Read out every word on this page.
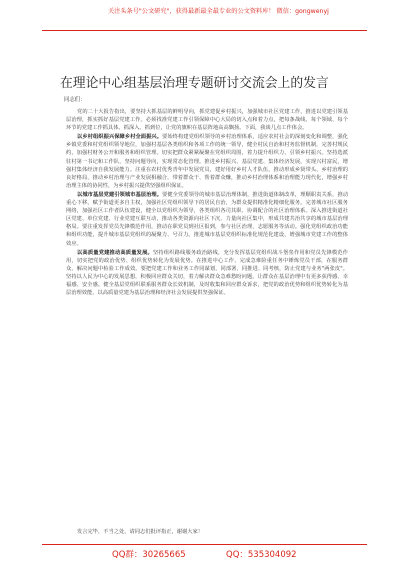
关注头条号"公文研究"，获得最新最全最专业的公文资料库！ 微信：gongwenyj
在理论中心组基层治理专题研讨交流会上的发言
同志们：

党的二十大报告指出，要坚持大抓基层的鲜明导向，抓党建促乡村振兴，加强城市社区党建工作，推进以党建引领基层治理，抓实抓好基层党建工作。必须找准党建工作引领保障中心大局的切入点和着力点，把每条战线、每个领域、每个环节的党建工作抓具体、抓深入、抓到位，让党的旗帜在基层阵地高高飘扬。下面，我谈几点工作体会。

以乡村组织振兴保障乡村全面振兴。要始终构建党组织领导的乡村治理体系，适应农村社会的深刻变化和调整，强化乡镇党委和村党组织领导地位，加强村基层各类组织和各项工作的统一领导，健全村民自治和村务监督机制，完善村规民约，加强村财务公开和服务和组织管理。切实把群众紧紧凝聚在党组织周围，着力提升组织力，引领乡村振兴。坚持选派驻村第一书记和工作队，坚持问题导向，实现常态化管理。推进乡村振兴、基层党建、集体经济发展，实现兴村富民，增强村集体经济自我发展能力。注重在农村优秀青年中发展党员，建好用好乡村人才队伍，推动形成乡贤带头、乡村治理的良好格局，推动乡村治理与产业发展相融合，带着群众干、帮着群众赚，推动乡村治理体系和治理能力现代化，增强乡村治理主体的协同性，为乡村振兴提供坚强组织保证。

以城市基层党建引领城市基层治理。要健全党委领导的城市基层治理体制，推进街道体制改革，理顺职责关系，推动重心下移，赋予街道更多自主权，加强社区党组织领导下的居民自治，为群众提供精准化精细化服务。完善城市社区服务网络，加强社区工作者队伍建设，健全以党组织为领导，各类组织各司其职、协调配合的社区治理体系。深入推进街道社区党建、单位党建、行业党建互联互动，推动各类资源向社区下沉、力量向社区集中，形成共建共治共享的城市基层治理格局。要注重发挥党员先锋模范作用，推动在职党员到社区报到，参与社区治理，志愿服务等活动。强化党组织政治功能和组织功能，提升城市基层党组织的凝聚力、号召力。推进城市基层党组织标准化规范化建设，增强城市党建工作的整体效应。

以高质量党建推动高质量发展。坚持组织路线服务政治路线，充分发挥基层党组织战斗堡垒作用和党员先锋模范作用，切实把党的政治优势、组织优势转化为发展优势。在推进中心工作、完成急难险重任务中锤炼党员干部，在服务群众、解决问题中检验工作成效。要把党建工作和业务工作同谋划、同部署、同推进、同考核，防止党建与业务"两张皮"。坚持以人民为中心的发展思想，积极回应群众关切，着力解决群众急难愁盼问题，让群众在基层治理中有更多获得感、幸福感、安全感。健全基层党组织联系服务群众长效机制，及时收集和回应群众诉求，把党的政治优势和组织优势转化为基层治理效能，以高质量党建为基层治理和经济社会发展提供坚强保证。

发言完毕，不当之处，请同志们批评指正，谢谢大家！
QQ群：30265665	QQ：535304092
